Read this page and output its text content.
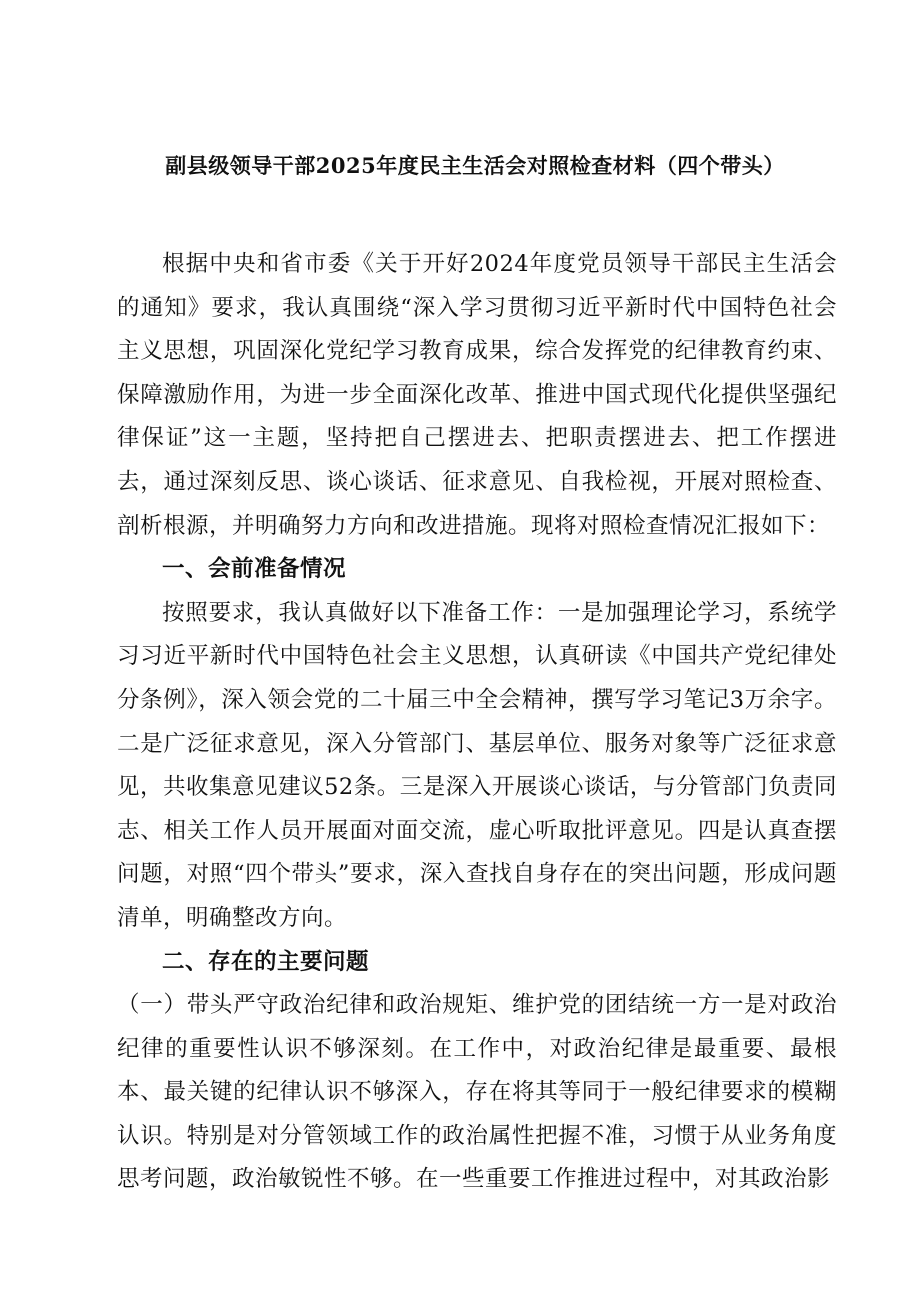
副县级领导干部2025年度民主生活会对照检查材料（四个带头）

根据中央和省市委《关于开好2024年度党员领导干部民主生活会的通知》要求，我认真围绕“深入学习贯彻习近平新时代中国特色社会主义思想，巩固深化党纪学习教育成果，综合发挥党的纪律教育约束、保障激励作用，为进一步全面深化改革、推进中国式现代化提供坚强纪律保证”这一主题，坚持把自己摆进去、把职责摆进去、把工作摆进去，通过深刻反思、谈心谈话、征求意见、自我检视，开展对照检查、剖析根源，并明确努力方向和改进措施。现将对照检查情况汇报如下：

一、会前准备情况

按照要求，我认真做好以下准备工作：一是加强理论学习，系统学习习近平新时代中国特色社会主义思想，认真研读《中国共产党纪律处分条例》，深入领会党的二十届三中全会精神，撰写学习笔记3万余字。二是广泛征求意见，深入分管部门、基层单位、服务对象等广泛征求意见，共收集意见建议52条。三是深入开展谈心谈话，与分管部门负责同志、相关工作人员开展面对面交流，虚心听取批评意见。四是认真查摆问题，对照“四个带头”要求，深入查找自身存在的突出问题，形成问题清单，明确整改方向。

二、存在的主要问题

（一）带头严守政治纪律和政治规矩、维护党的团结统一方一是对政治纪律的重要性认识不够深刻。在工作中，对政治纪律是最重要、最根本、最关键的纪律认识不够深入，存在将其等同于一般纪律要求的模糊认识。特别是对分管领域工作的政治属性把握不准，习惯于从业务角度思考问题，政治敏锐性不够。在一些重要工作推进过程中，对其政治影
